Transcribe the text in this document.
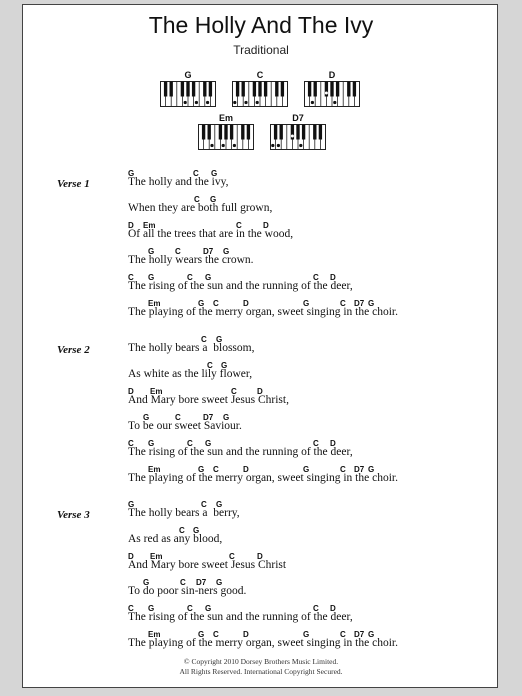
The Holly And The Ivy
Traditional
G	C	D
Em	D7
Verse 1
G	C G
The holly and the ivy,
C G
When they are both full grown,
D Em	C	D
Of all the trees that are in the wood,
G	C	D7 G
The holly wears the crown.
C G	C G	C D
The rising of the sun and the running of the deer,
Em	G C	D	G	C D7 G
The playing of the merry organ, sweet singing in the choir.
Verse 2
C G
The holly bears a  blossom,
C G
As white as the lily flower,
D Em	C	D
And Mary bore sweet Jesus Christ,
G	C	D7 G
To be our sweet Saviour.
C G	C G	C D
The rising of the sun and the running of the deer,
Em	G C	D	G	C D7 G
The playing of the merry organ, sweet singing in the choir.
Verse 3
G	C G
The holly bears a  berry,
C G
As red as any blood,
D Em	C	D
And Mary bore sweet Jesus Christ
G	C D7 G
To do poor sin-ners good.
C G	C G	C D
The rising of the sun and the running of the deer,
Em	G C	D	G	C D7 G
The playing of the merry organ, sweet singing in the choir.
© Copyright 2010 Dorsey Brothers Music Limited.
All Rights Reserved. International Copyright Secured.
